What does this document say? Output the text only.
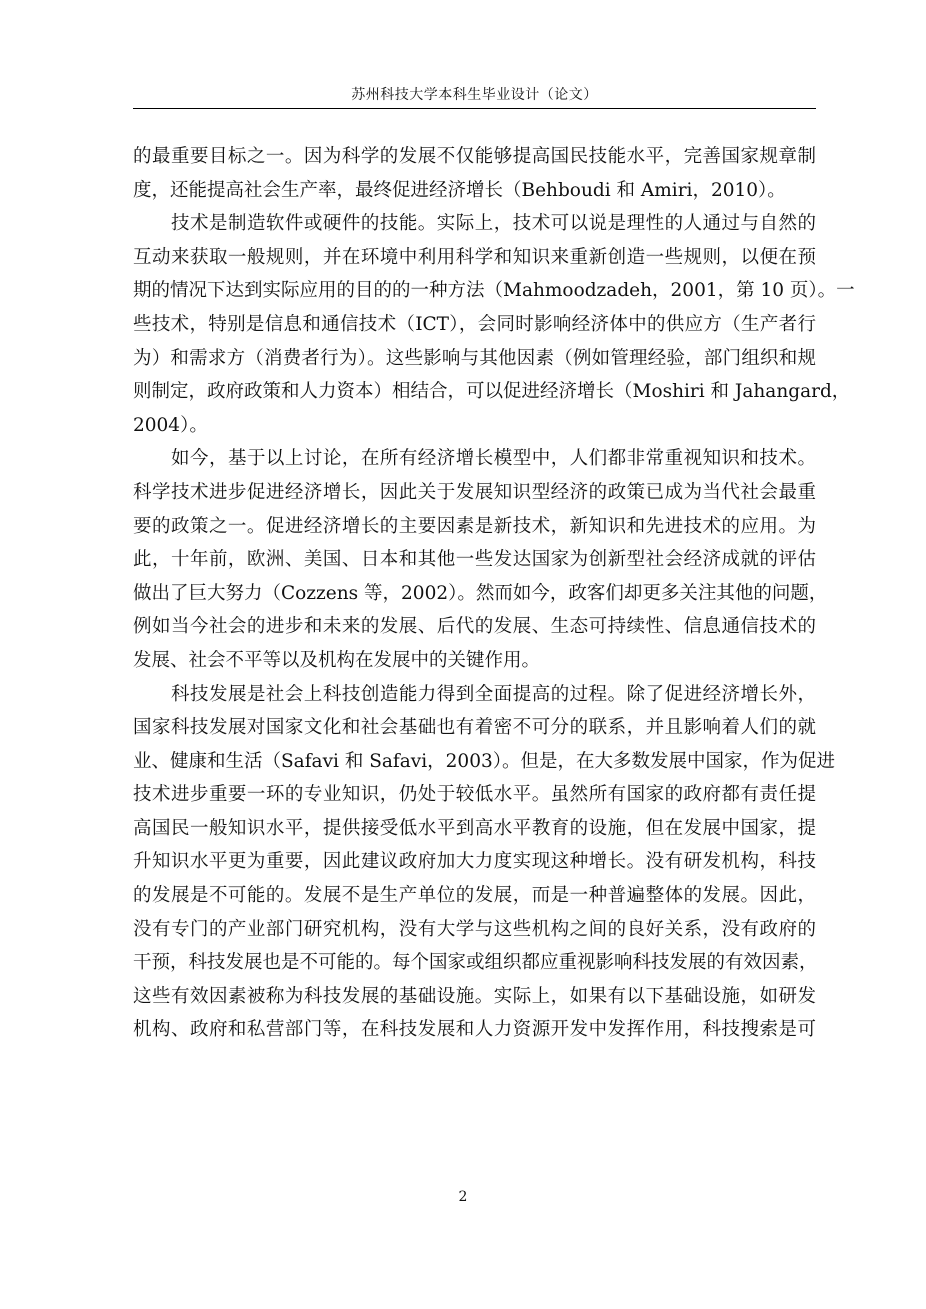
苏州科技大学本科生毕业设计（论文）
的最重要目标之一。因为科学的发展不仅能够提高国民技能水平，完善国家规章制
度，还能提高社会生产率，最终促进经济增长（Behboudi 和 Amiri，2010）。
技术是制造软件或硬件的技能。实际上，技术可以说是理性的人通过与自然的
互动来获取一般规则，并在环境中利用科学和知识来重新创造一些规则，以便在预
期的情况下达到实际应用的目的的一种方法（Mahmoodzadeh，2001，第 10 页）。一
些技术，特别是信息和通信技术（ICT），会同时影响经济体中的供应方（生产者行
为）和需求方（消费者行为）。这些影响与其他因素（例如管理经验，部门组织和规
则制定，政府政策和人力资本）相结合，可以促进经济增长（Moshiri 和 Jahangard，
2004）。
如今，基于以上讨论，在所有经济增长模型中，人们都非常重视知识和技术。
科学技术进步促进经济增长，因此关于发展知识型经济的政策已成为当代社会最重
要的政策之一。促进经济增长的主要因素是新技术，新知识和先进技术的应用。为
此，十年前，欧洲、美国、日本和其他一些发达国家为创新型社会经济成就的评估
做出了巨大努力（Cozzens 等，2002）。然而如今，政客们却更多关注其他的问题，
例如当今社会的进步和未来的发展、后代的发展、生态可持续性、信息通信技术的
发展、社会不平等以及机构在发展中的关键作用。
科技发展是社会上科技创造能力得到全面提高的过程。除了促进经济增长外，
国家科技发展对国家文化和社会基础也有着密不可分的联系，并且影响着人们的就
业、健康和生活（Safavi 和 Safavi，2003）。但是，在大多数发展中国家，作为促进
技术进步重要一环的专业知识，仍处于较低水平。虽然所有国家的政府都有责任提
高国民一般知识水平，提供接受低水平到高水平教育的设施，但在发展中国家，提
升知识水平更为重要，因此建议政府加大力度实现这种增长。没有研发机构，科技
的发展是不可能的。发展不是生产单位的发展，而是一种普遍整体的发展。因此，
没有专门的产业部门研究机构，没有大学与这些机构之间的良好关系，没有政府的
干预，科技发展也是不可能的。每个国家或组织都应重视影响科技发展的有效因素，
这些有效因素被称为科技发展的基础设施。实际上，如果有以下基础设施，如研发
机构、政府和私营部门等，在科技发展和人力资源开发中发挥作用，科技搜索是可
2
